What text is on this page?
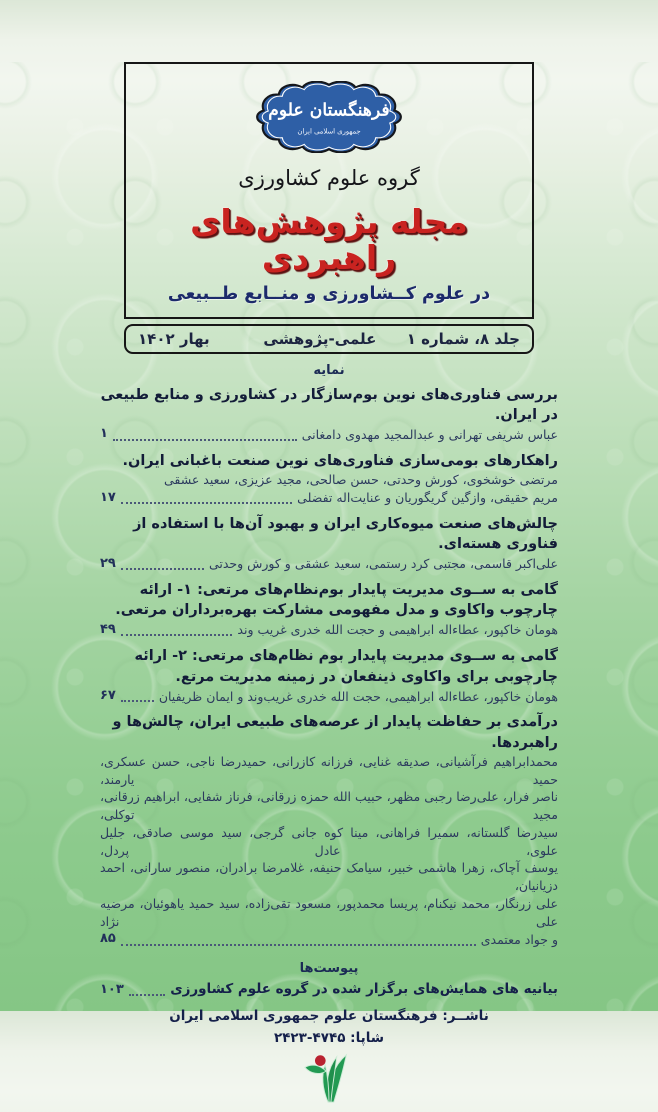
فرهنگستان علوم
جمهوری اسلامی ایران
گروه علوم کشاورزی
مجله پژوهش‌های راهبردی
در علوم کــشاورزی و منــابع طــبیعی
جلد ۸، شماره ۱
علمی-پژوهشی
بهار ۱۴۰۲
نمایه
بررسی فناوری‌های نوین بوم‌سازگار در کشاورزی و منابع طبیعی در ایران.
عباس شریفی تهرانی و عبدالمجید مهدوی دامغانی
۱
راهکارهای بومی‌سازی فناوری‌های نوین صنعت باغبانی ایران.
مرتضی خوشخوی، کورش وحدتی، حسن صالحی، مجید عزیزی، سعید عشقی
مریم حقیقی، وازگین گریگوریان و عنایت‌اله تفضلی
۱۷
چالش‌های صنعت میوه‌کاری ایران و بهبود آن‌ها با استفاده از فناوری هسته‌ای.
علی‌اکبر قاسمی، مجتبی کرد رستمی، سعید عشقی و کورش وحدتی
۲۹
گامی به ســوی مدیریت پایدار بوم‌نظام‌های مرتعی: ۱- ارائه چارچوب واکاوی و مدل مفهومی مشارکت بهره‌برداران مرتعی.
هومان خاکپور، عطاءاله ابراهیمی و حجت الله خدری غریب وند
۴۹
گامی به ســوی مدیریت پایدار بوم نظام‌های مرتعی: ۲- ارائه چارچوبی برای واکاوی ذینفعان در زمینه مدیریت مرتع.
هومان خاکپور، عطاءاله ابراهیمی، حجت الله خدری غریب‌وند و ایمان ظریفیان
۶۷
درآمدی بر حفاظت پایدار از عرصه‌های طبیعی ایران، چالش‌ها و راهبردها.
محمدابراهیم فرآشیانی، صدیقه غنایی، فرزانه کازرانی، حمیدرضا ناجی، حسن عسکری، حمید یارمند،
ناصر فرار، علی‌رضا رجبی مظهر، حبیب الله حمزه زرقانی، فرناز شفایی، ابراهیم زرقانی، مجید توکلی،
سیدرضا گلستانه، سمیرا فراهانی، مینا کوه جانی گرجی، سید موسی صادقی، جلیل علوی، عادل پردل،
یوسف آچاک، زهرا هاشمی خبیر، سیامک حنیفه، غلامرضا برادران، منصور سارانی، احمد دزیانیان،
علی زرنگار، محمد نیکنام، پریسا محمدپور، مسعود تقی‌زاده، سید حمید یاهوئیان، مرضیه علی نژاد
و جواد معتمدی
۸۵
پیوست‌ها
بیانیه های همایش‌های برگزار شده در گروه علوم کشاورزی
۱۰۳
ناشــر: فرهنگستان علوم جمهوری اسلامی ایران
شاپا: ۲۴۲۳-۴۷۴۵
